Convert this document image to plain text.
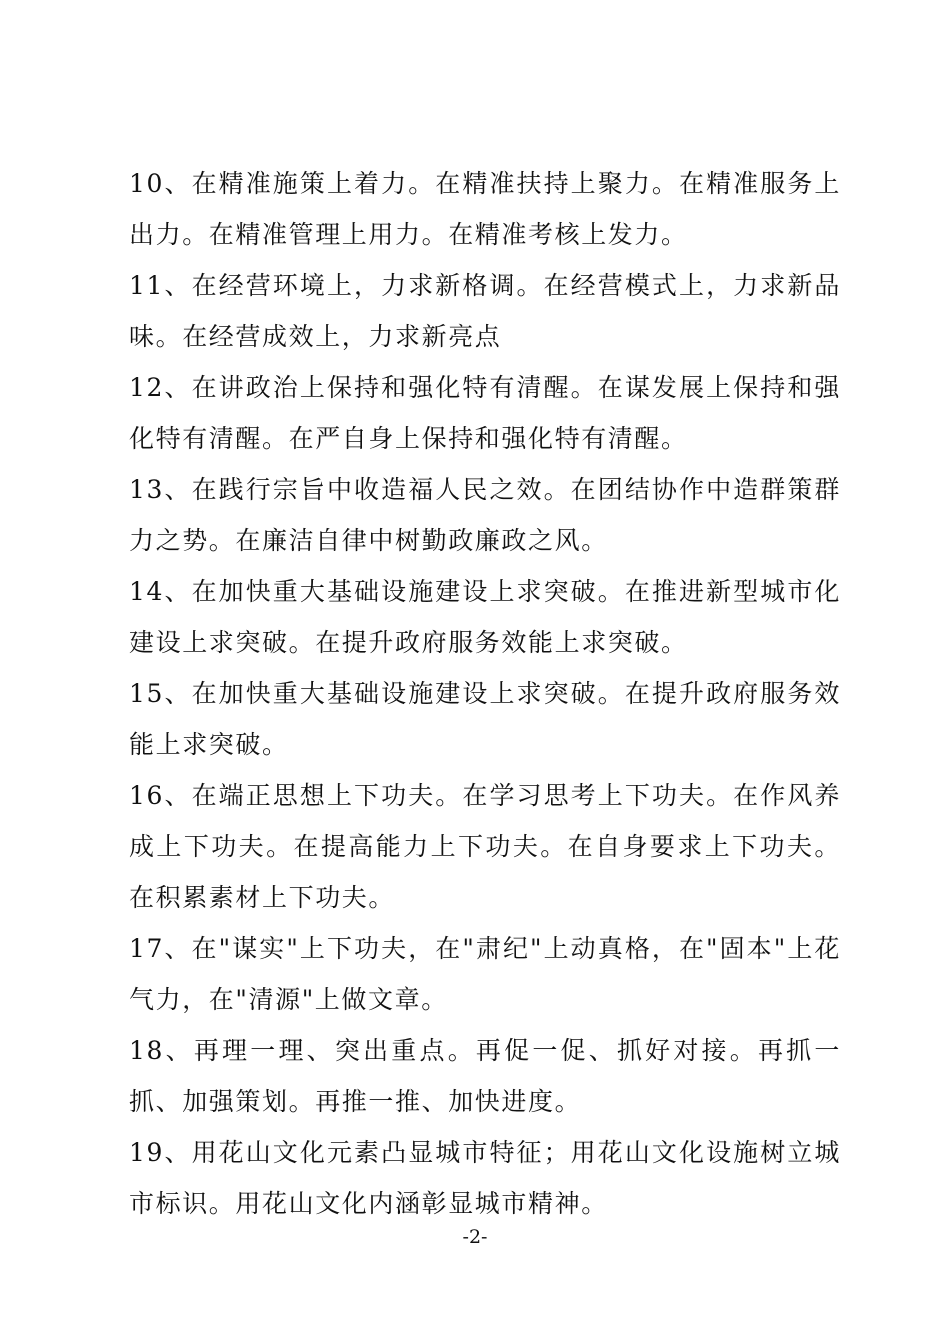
10、在精准施策上着力。在精准扶持上聚力。在精准服务上出力。在精准管理上用力。在精准考核上发力。

11、在经营环境上，力求新格调。在经营模式上，力求新品味。在经营成效上，力求新亮点

12、在讲政治上保持和强化特有清醒。在谋发展上保持和强化特有清醒。在严自身上保持和强化特有清醒。

13、在践行宗旨中收造福人民之效。在团结协作中造群策群力之势。在廉洁自律中树勤政廉政之风。

14、在加快重大基础设施建设上求突破。在推进新型城市化建设上求突破。在提升政府服务效能上求突破。

15、在加快重大基础设施建设上求突破。在提升政府服务效能上求突破。

16、在端正思想上下功夫。在学习思考上下功夫。在作风养成上下功夫。在提高能力上下功夫。在自身要求上下功夫。在积累素材上下功夫。

17、在"谋实"上下功夫，在"肃纪"上动真格，在"固本"上花气力，在"清源"上做文章。

18、再理一理、突出重点。再促一促、抓好对接。再抓一抓、加强策划。再推一推、加快进度。

19、用花山文化元素凸显城市特征；用花山文化设施树立城市标识。用花山文化内涵彰显城市精神。

-2-
